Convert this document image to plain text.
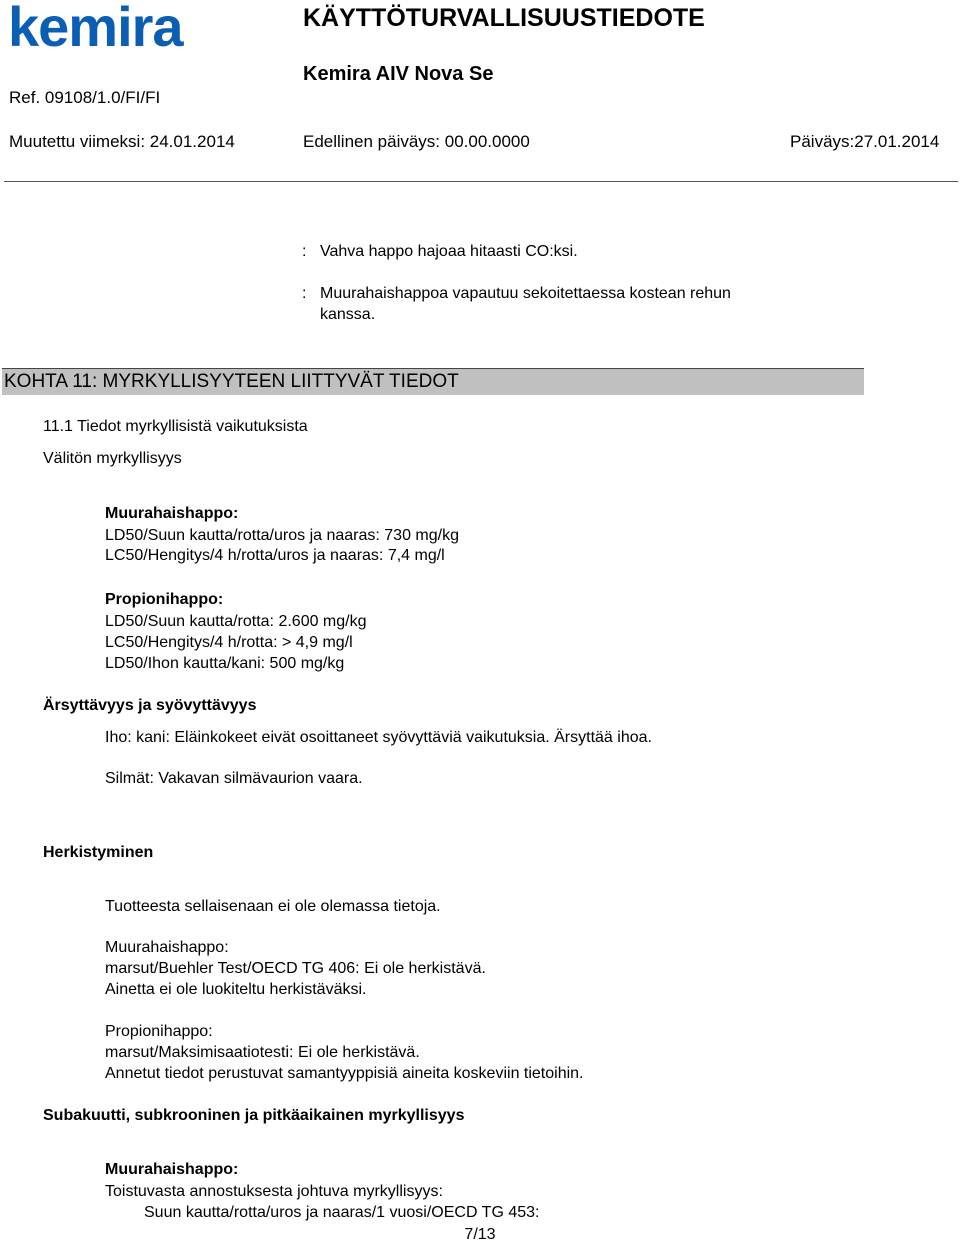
kemira	KÄYTTÖTURVALLISUUSTIEDOTE
Kemira AIV Nova Se
Ref. 09108/1.0/FI/FI
Muutettu viimeksi: 24.01.2014	Edellinen päiväys: 00.00.0000	Päiväys:27.01.2014
: Vahva happo hajoaa hitaasti CO:ksi.
: Muurahaishappoa vapautuu sekoitettaessa kostean rehun
kanssa.
KOHTA 11: MYRKYLLISYYTEEN LIITTYVÄT TIEDOT
11.1 Tiedot myrkyllisistä vaikutuksista
Välitön myrkyllisyys
Muurahaishappo:
LD50/Suun kautta/rotta/uros ja naaras: 730 mg/kg
LC50/Hengitys/4 h/rotta/uros ja naaras: 7,4 mg/l
Propionihappo:
LD50/Suun kautta/rotta: 2.600 mg/kg
LC50/Hengitys/4 h/rotta: > 4,9 mg/l
LD50/Ihon kautta/kani: 500 mg/kg
Ärsyttävyys ja syövyttävyys
Iho: kani: Eläinkokeet eivät osoittaneet syövyttäviä vaikutuksia. Ärsyttää ihoa.
Silmät: Vakavan silmävaurion vaara.
Herkistyminen
Tuotteesta sellaisenaan ei ole olemassa tietoja.
Muurahaishappo:
marsut/Buehler Test/OECD TG 406: Ei ole herkistävä.
Ainetta ei ole luokiteltu herkistäväksi.
Propionihappo:
marsut/Maksimisaatiotesti: Ei ole herkistävä.
Annetut tiedot perustuvat samantyyppisiä aineita koskeviin tietoihin.
Subakuutti, subkrooninen ja pitkäaikainen myrkyllisyys
Muurahaishappo:
Toistuvasta annostuksesta johtuva myrkyllisyys:
Suun kautta/rotta/uros ja naaras/1 vuosi/OECD TG 453:
7/13
